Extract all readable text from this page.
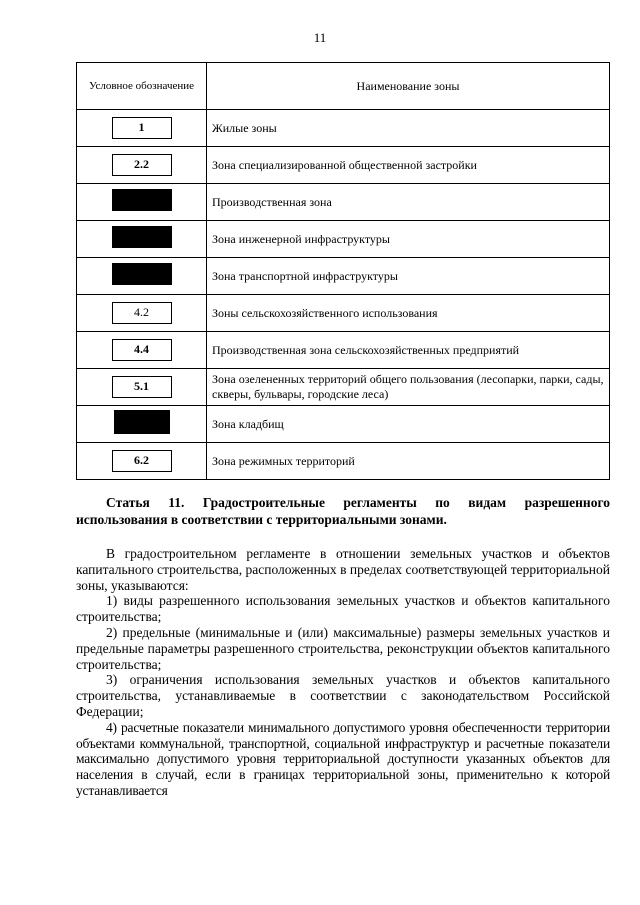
11
Условное обозначение	Наименование зоны
1	Жилые зоны
2.2	Зона специализированной общественной застройки
	Производственная зона
	Зона инженерной инфраструктуры
	Зона транспортной инфраструктуры
4.2	Зоны сельскохозяйственного использования
4.4	Производственная зона сельскохозяйственных предприятий
5.1	Зона озелененных территорий общего пользования (лесопарки, парки, сады, скверы, бульвары, городские леса)
	Зона кладбищ
6.2	Зона режимных территорий

Статья 11. Градостроительные регламенты по видам разрешенного использования в соответствии с территориальными зонами.

В градостроительном регламенте в отношении земельных участков и объектов капитального строительства, расположенных в пределах соответствующей территориальной зоны, указываются:

1) виды разрешенного использования земельных участков и объектов капитального строительства;

2) предельные (минимальные и (или) максимальные) размеры земельных участков и предельные параметры разрешенного строительства, реконструкции объектов капитального строительства;

3) ограничения использования земельных участков и объектов капитального строительства, устанавливаемые в соответствии с законодательством Российской Федерации;

4) расчетные показатели минимального допустимого уровня обеспеченности территории объектами коммунальной, транспортной, социальной инфраструктур и расчетные показатели максимально допустимого уровня территориальной доступности указанных объектов для населения в случай, если в границах территориальной зоны, применительно к которой устанавливается
